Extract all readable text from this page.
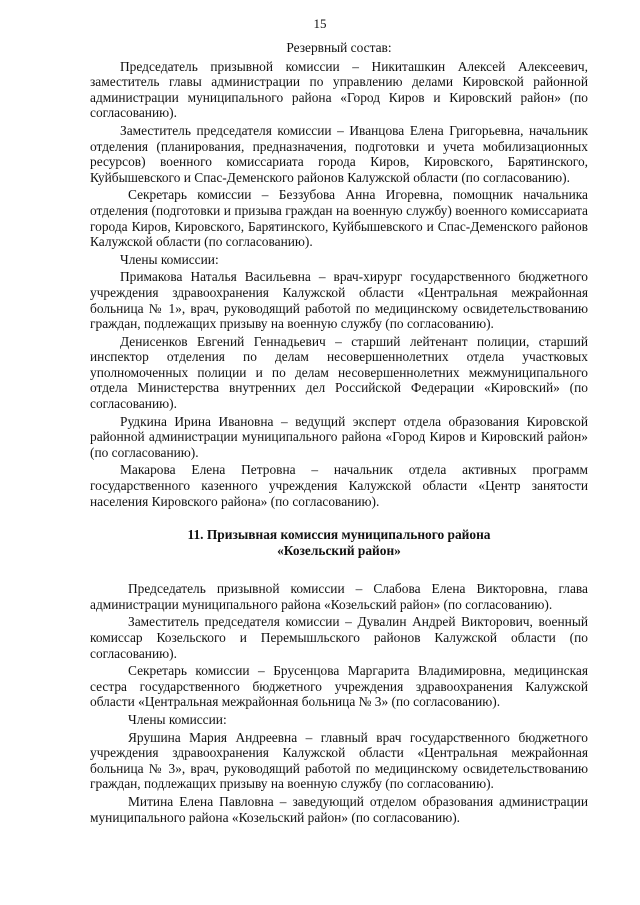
15
Резервный состав:
Председатель призывной комиссии – Никиташкин Алексей Алексеевич, заместитель главы администрации по управлению делами Кировской районной администрации муниципального района «Город Киров и Кировский район» (по согласованию).
Заместитель председателя комиссии – Иванцова Елена Григорьевна, начальник отделения (планирования, предназначения, подготовки и учета мобилизационных ресурсов) военного комиссариата города Киров, Кировского, Барятинского, Куйбышевского и Спас-Деменского районов Калужской области (по согласованию).
Секретарь комиссии – Беззубова Анна Игоревна, помощник начальника отделения (подготовки и призыва граждан на военную службу) военного комиссариата города Киров, Кировского, Барятинского, Куйбышевского и Спас-Деменского районов Калужской области (по согласованию).
Члены комиссии:
Примакова Наталья Васильевна – врач-хирург государственного бюджетного учреждения здравоохранения Калужской области «Центральная межрайонная больница № 1», врач, руководящий работой по медицинскому освидетельствованию граждан, подлежащих призыву на военную службу (по согласованию).
Денисенков Евгений Геннадьевич – старший лейтенант полиции, старший инспектор отделения по делам несовершеннолетних отдела участковых уполномоченных полиции и по делам несовершеннолетних межмуниципального отдела Министерства внутренних дел Российской Федерации «Кировский» (по согласованию).
Рудкина Ирина Ивановна – ведущий эксперт отдела образования Кировской районной администрации муниципального района «Город Киров и Кировский район» (по согласованию).
Макарова Елена Петровна – начальник отдела активных программ государственного казенного учреждения Калужской области «Центр занятости населения Кировского района» (по согласованию).
11. Призывная комиссия муниципального района
«Козельский район»
Председатель призывной комиссии – Слабова Елена Викторовна, глава администрации муниципального района «Козельский район» (по согласованию).
Заместитель председателя комиссии – Дувалин Андрей Викторович, военный комиссар Козельского и Перемышльского районов Калужской области (по согласованию).
Секретарь комиссии – Брусенцова Маргарита Владимировна, медицинская сестра государственного бюджетного учреждения здравоохранения Калужской области «Центральная межрайонная больница № 3» (по согласованию).
Члены комиссии:
Ярушина Мария Андреевна – главный врач государственного бюджетного учреждения здравоохранения Калужской области «Центральная межрайонная больница № 3», врач, руководящий работой по медицинскому освидетельствованию граждан, подлежащих призыву на военную службу (по согласованию).
Митина Елена Павловна – заведующий отделом образования администрации муниципального района «Козельский район» (по согласованию).
